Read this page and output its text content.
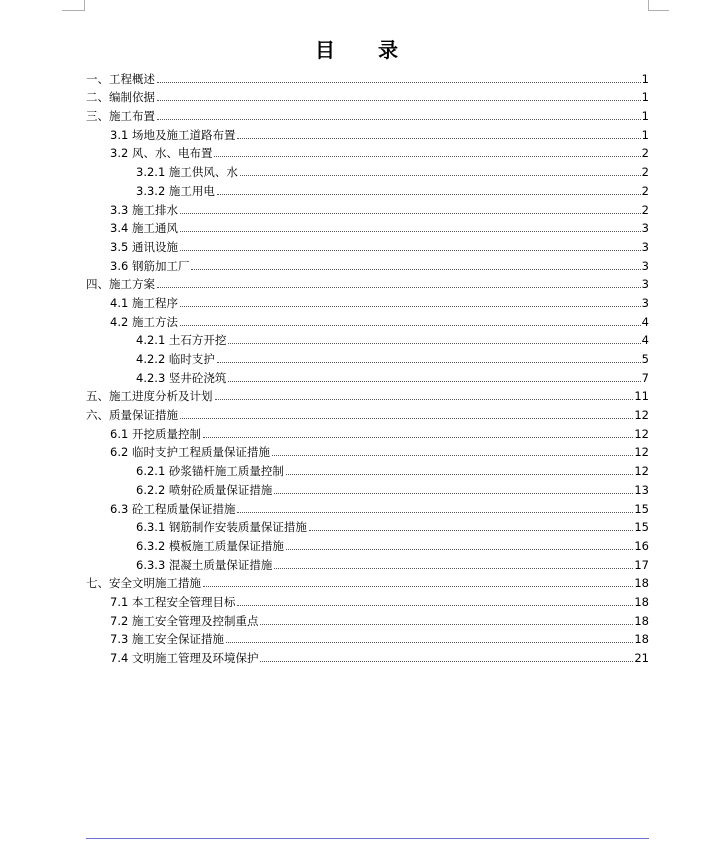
目 录
一、工程概述	1
二、编制依据	1
三、施工布置	1
3.1 场地及施工道路布置	1
3.2 风、水、电布置	2
3.2.1 施工供风、水	2
3.3.2 施工用电	2
3.3 施工排水	2
3.4 施工通风	3
3.5 通讯设施	3
3.6 钢筋加工厂	3
四、施工方案	3
4.1 施工程序	3
4.2 施工方法	4
4.2.1 土石方开挖	4
4.2.2 临时支护	5
4.2.3 竖井砼浇筑	7
五、施工进度分析及计划	11
六、质量保证措施	12
6.1 开挖质量控制	12
6.2 临时支护工程质量保证措施	12
6.2.1 砂浆锚杆施工质量控制	12
6.2.2 喷射砼质量保证措施	13
6.3 砼工程质量保证措施	15
6.3.1 钢筋制作安装质量保证措施	15
6.3.2 模板施工质量保证措施	16
6.3.3 混凝土质量保证措施	17
七、安全文明施工措施	18
7.1 本工程安全管理目标	18
7.2 施工安全管理及控制重点	18
7.3 施工安全保证措施	18
7.4 文明施工管理及环境保护	21
